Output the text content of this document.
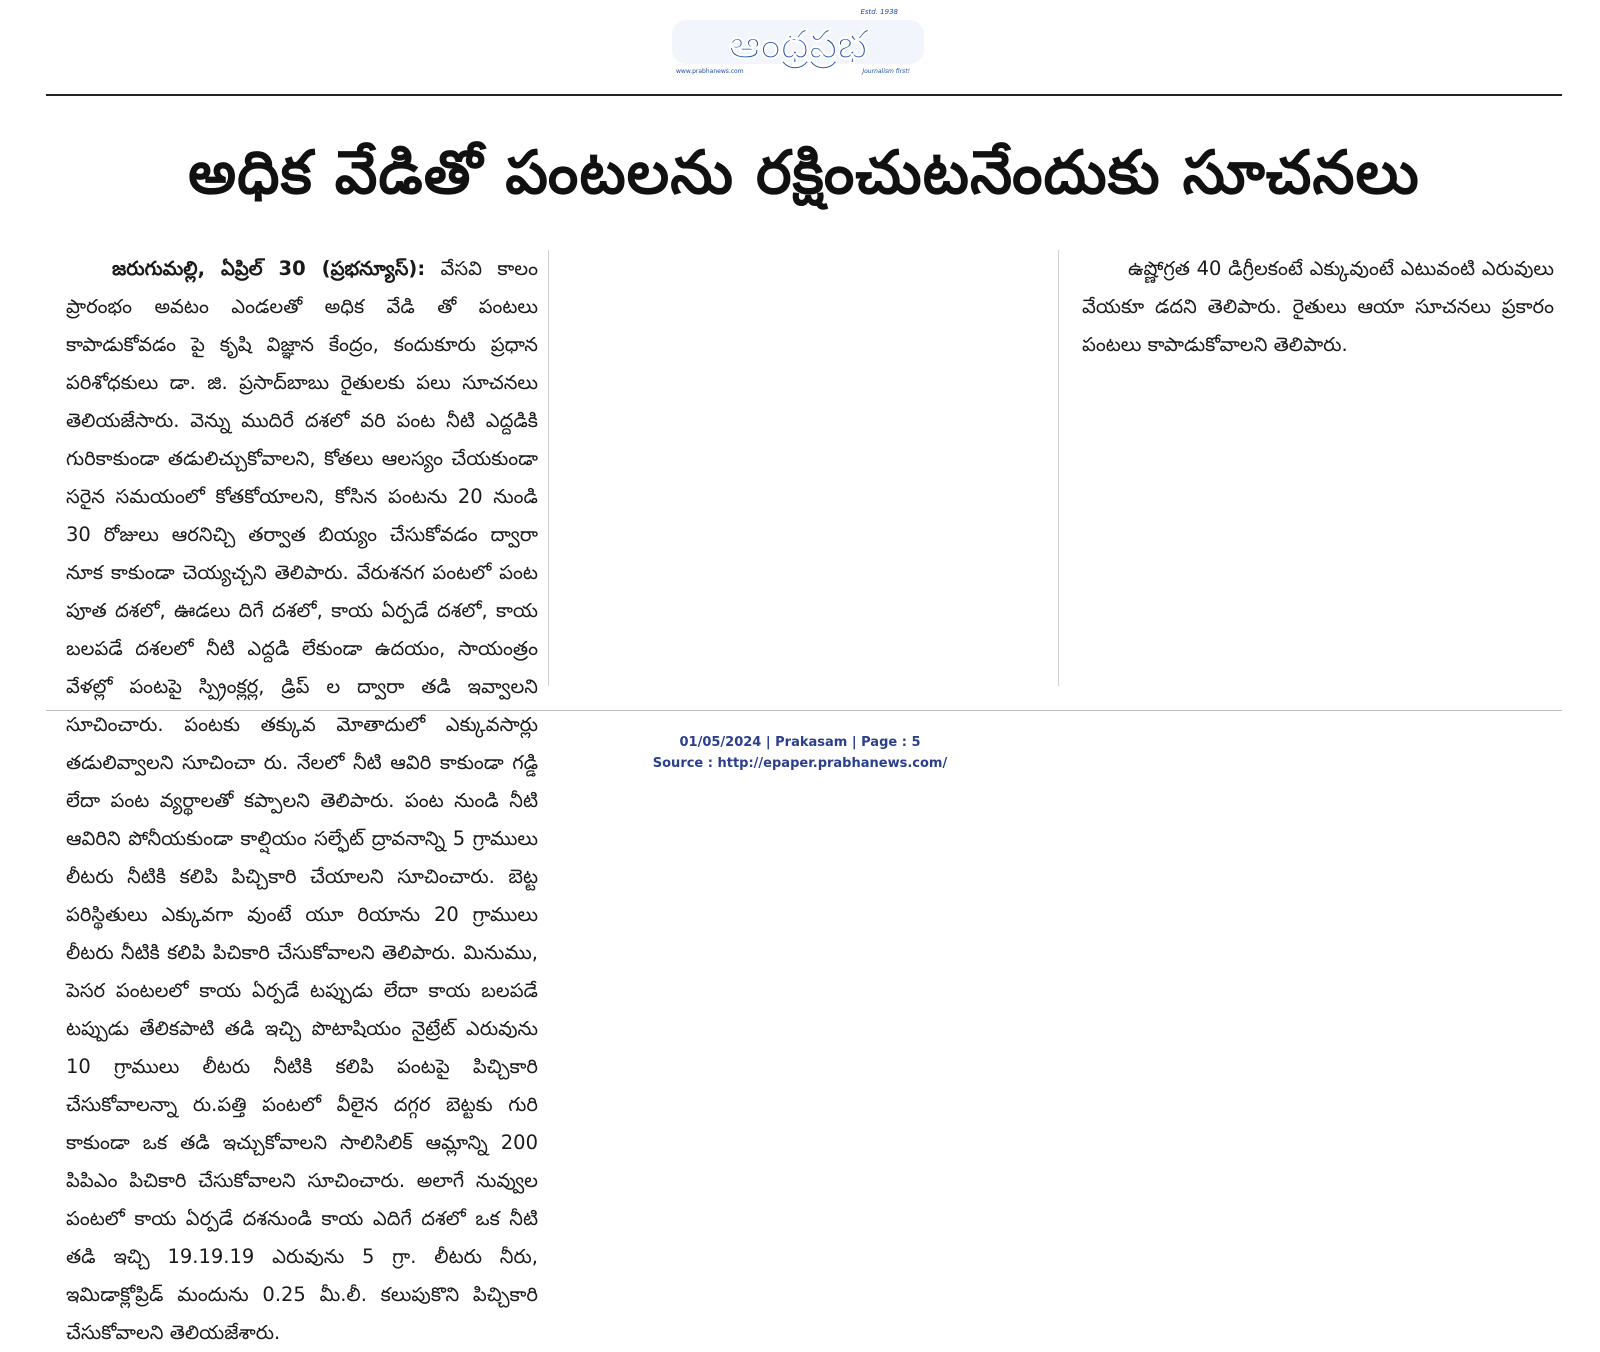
Estd. 1938
ఆంధ్రప్రభ
www.prabhanews.com	Journalism first!
అధిక వేడితో పంటలను రక్షించుటనేందుకు సూచనలు

జరుగుమల్లి, ఏప్రిల్ 30 (ప్రభన్యూస్): వేసవి కాలం ప్రారంభం అవటం ఎండలతో అధిక వేడి తో పంటలు కాపాడుకోవడం పై కృషి విజ్ఞాన కేంద్రం, కందుకూరు ప్రధాన పరిశోధకులు డా. జి. ప్రసాద్‌బాబు రైతులకు పలు సూచనలు తెలియజేసారు. వెన్ను ముదిరే దశలో వరి పంట నీటి ఎద్దడికి గురికాకుండా తడులిచ్చుకోవాలని, కోతలు ఆలస్యం చేయకుండా సరైన సమయంలో కోతకోయాలని, కోసిన పంటను 20 నుండి 30 రోజులు ఆరనిచ్చి తర్వాత బియ్యం చేసుకోవడం ద్వారా నూక కాకుండా చెయ్యచ్చని తెలిపారు. వేరుశనగ పంటలో పంట పూత దశలో, ఊడలు దిగే దశలో, కాయ ఏర్పడే దశలో, కాయ బలపడే దశలలో నీటి ఎద్దడి లేకుండా ఉదయం, సాయంత్రం వేళల్లో పంటపై స్ప్రింక్లర్ల, డ్రిప్ ల ద్వారా తడి ఇవ్వాలని సూచించారు. పంటకు తక్కువ మోతాదులో ఎక్కువసార్లు తడులివ్వాలని సూచించా రు. నేలలో నీటి ఆవిరి కాకుండా గడ్డి లేదా పంట వ్యర్థాలతో కప్పాలని తెలిపారు. పంట నుండి నీటి ఆవిరిని పోనీయకుండా కాల్షియం సల్ఫేట్ ద్రావనాన్ని 5 గ్రాములు లీటరు నీటికి కలిపి పిచ్చికారి చేయాలని సూచించారు. బెట్ట పరిస్థితులు ఎక్కువగా వుంటే యూ రియాను 20 గ్రాములు లీటరు నీటికి కలిపి పిచికారి చేసుకోవాలని తెలిపారు. మినుము, పెసర పంటలలో కాయ ఏర్పడే టప్పుడు లేదా కాయ బలపడే టప్పుడు తేలికపాటి తడి ఇచ్చి పొటాషియం నైట్రేట్ ఎరువును 10 గ్రాములు లీటరు నీటికి కలిపి పంటపై పిచ్చికారి చేసుకోవాలన్నా రు.పత్తి పంటలో వీలైన దగ్గర బెట్టకు గురి కాకుండా ఒక తడి ఇచ్చుకోవాలని సాలిసిలిక్ ఆమ్లాన్ని 200 పిపిఎం పిచికారి చేసుకోవాలని సూచించారు. అలాగే నువ్వుల పంటలో కాయ ఏర్పడే దశనుండి కాయ ఎదిగే దశలో ఒక నీటి తడి ఇచ్చి 19.19.19 ఎరువును 5 గ్రా. లీటరు నీరు, ఇమిడాక్లోప్రిడ్ మందును 0.25 మీ.లీ. కలుపుకొని పిచ్చికారి చేసుకోవాలని తెలియజేశారు.

ఉష్ణోగ్రత 40 డిగ్రీలకంటే ఎక్కువుంటే ఎటువంటి ఎరువులు వేయకూ డదని తెలిపారు. రైతులు ఆయా సూచనలు ప్రకారం పంటలు కాపాడుకోవాలని తెలిపారు.

01/05/2024 | Prakasam | Page : 5
Source : http://epaper.prabhanews.com/
